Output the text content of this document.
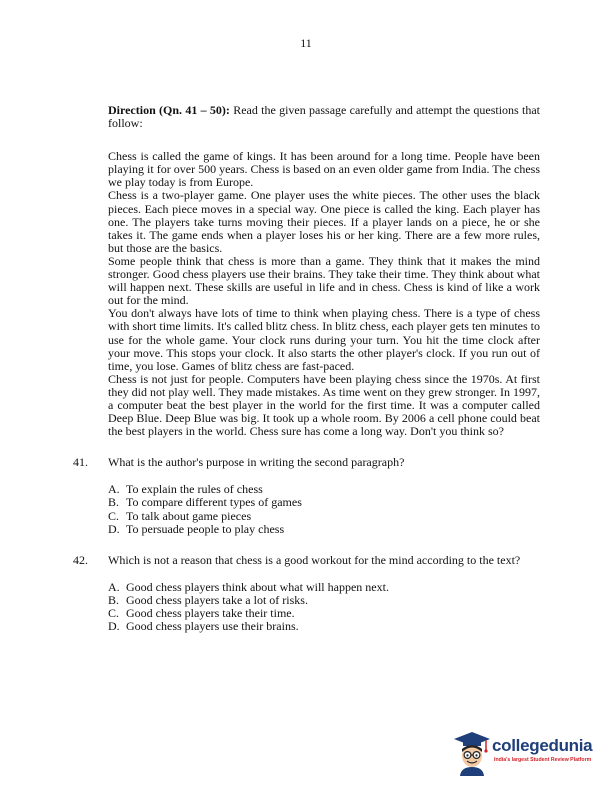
11

Direction (Qn. 41 – 50): Read the given passage carefully and attempt the questions that follow:

Chess is called the game of kings. It has been around for a long time. People have been playing it for over 500 years. Chess is based on an even older game from India. The chess we play today is from Europe.

Chess is a two-player game. One player uses the white pieces. The other uses the black pieces. Each piece moves in a special way. One piece is called the king. Each player has one. The players take turns moving their pieces. If a player lands on a piece, he or she takes it. The game ends when a player loses his or her king. There are a few more rules, but those are the basics.

Some people think that chess is more than a game. They think that it makes the mind stronger. Good chess players use their brains. They take their time. They think about what will happen next. These skills are useful in life and in chess. Chess is kind of like a work out for the mind.

You don't always have lots of time to think when playing chess. There is a type of chess with short time limits. It's called blitz chess. In blitz chess, each player gets ten minutes to use for the whole game. Your clock runs during your turn. You hit the time clock after your move. This stops your clock. It also starts the other player's clock. If you run out of time, you lose. Games of blitz chess are fast-paced.

Chess is not just for people. Computers have been playing chess since the 1970s. At first they did not play well. They made mistakes. As time went on they grew stronger. In 1997, a computer beat the best player in the world for the first time. It was a computer called Deep Blue. Deep Blue was big. It took up a whole room. By 2006 a cell phone could beat the best players in the world. Chess sure has come a long way. Don't you think so?

41. What is the author's purpose in writing the second paragraph?

A. To explain the rules of chess
B. To compare different types of games
C. To talk about game pieces
D. To persuade people to play chess
42. Which is not a reason that chess is a good workout for the mind according to the text?

A. Good chess players think about what will happen next.
B. Good chess players take a lot of risks.
C. Good chess players take their time.
D. Good chess players use their brains.
collegedunia
India's largest Student Review Platform
